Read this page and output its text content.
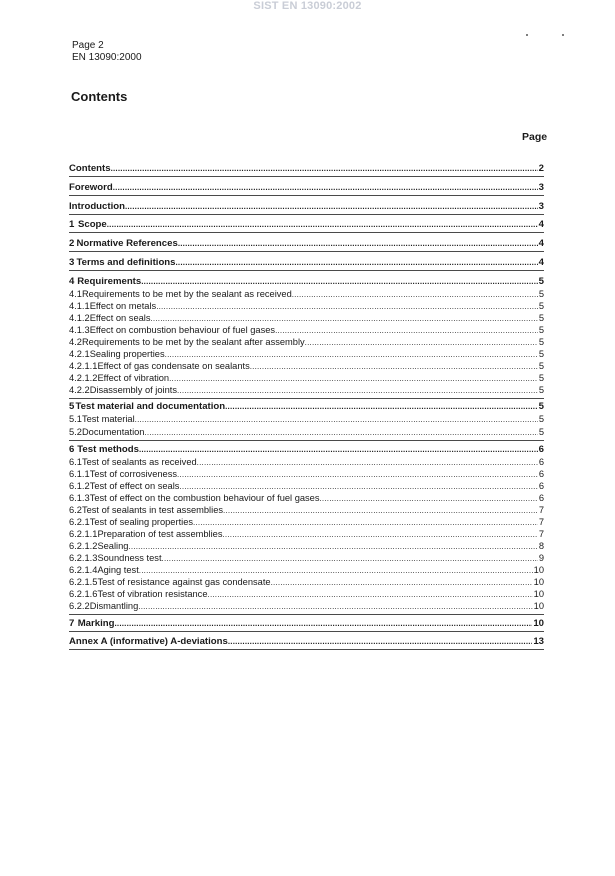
SIST EN 13090:2002
Page 2
EN 13090:2000
Contents
Page
Contents .....	2
Foreword .....	3
Introduction .....	3
1 Scope .....	4
2 Normative References .....	4
3 Terms and definitions .....	4
4 Requirements .....	5
4.1 Requirements to be met by the sealant as received .....	5
4.1.1 Effect on metals .....	5
4.1.2 Effect on seals .....	5
4.1.3 Effect on combustion behaviour of fuel gases .....	5
4.2 Requirements to be met by the sealant after assembly .....	5
4.2.1 Sealing properties .....	5
4.2.1.1 Effect of gas condensate on sealants .....	5
4.2.1.2 Effect of vibration .....	5
4.2.2 Disassembly of joints .....	5
5 Test material and documentation .....	5
5.1 Test material .....	5
5.2 Documentation .....	5
6 Test methods .....	6
6.1 Test of sealants as received .....	6
6.1.1 Test of corrosiveness .....	6
6.1.2 Test of effect on seals .....	6
6.1.3 Test of effect on the combustion behaviour of fuel gases .....	6
6.2 Test of sealants in test assemblies .....	7
6.2.1 Test of sealing properties .....	7
6.2.1.1 Preparation of test assemblies .....	7
6.2.1.2 Sealing .....	8
6.2.1.3 Soundness test .....	9
6.2.1.4 Aging test .....	10
6.2.1.5 Test of resistance against gas condensate .....	10
6.2.1.6 Test of vibration resistance .....	10
6.2.2 Dismantling .....	10
7 Marking .....	10
Annex A (informative) A-deviations .....	13
